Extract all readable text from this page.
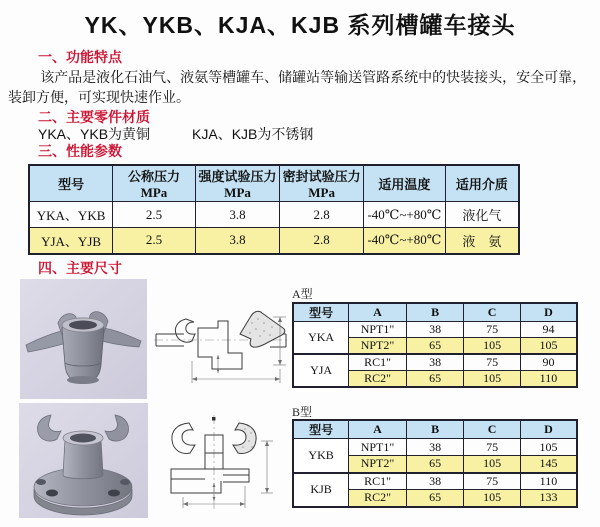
YK、YKB、KJA、KJB 系列槽罐车接头
一、功能特点

该产品是液化石油气、液氨等槽罐车、储罐站等输送管路系统中的快装接头，安全可靠，装卸方便，可实现快速作业。

二、主要零件材质
YKA、YKB为黄铜	KJA、KJB为不锈钢
三、性能参数
型号	公称压力 MPa	强度试验压力MPa	密封试验压力MPa	适用温度	适用介质
YKA、YKB	2.5	3.8	2.8	-40℃~+80℃	液化气
YJA、YJB	2.5	3.8	2.8	-40℃~+80℃	液　氨
四、主要尺寸
A型
型号	A	B	C	D
YKA	NPT1"	38	75	94
	NPT2"	65	105	105
YJA	RC1"	38	75	90
	RC2"	65	105	110
B型
型号	A	B	C	D
YKB	NPT1"	38	75	105
	NPT2"	65	105	145
KJB	RC1"	38	75	110
	RC2"	65	105	133
